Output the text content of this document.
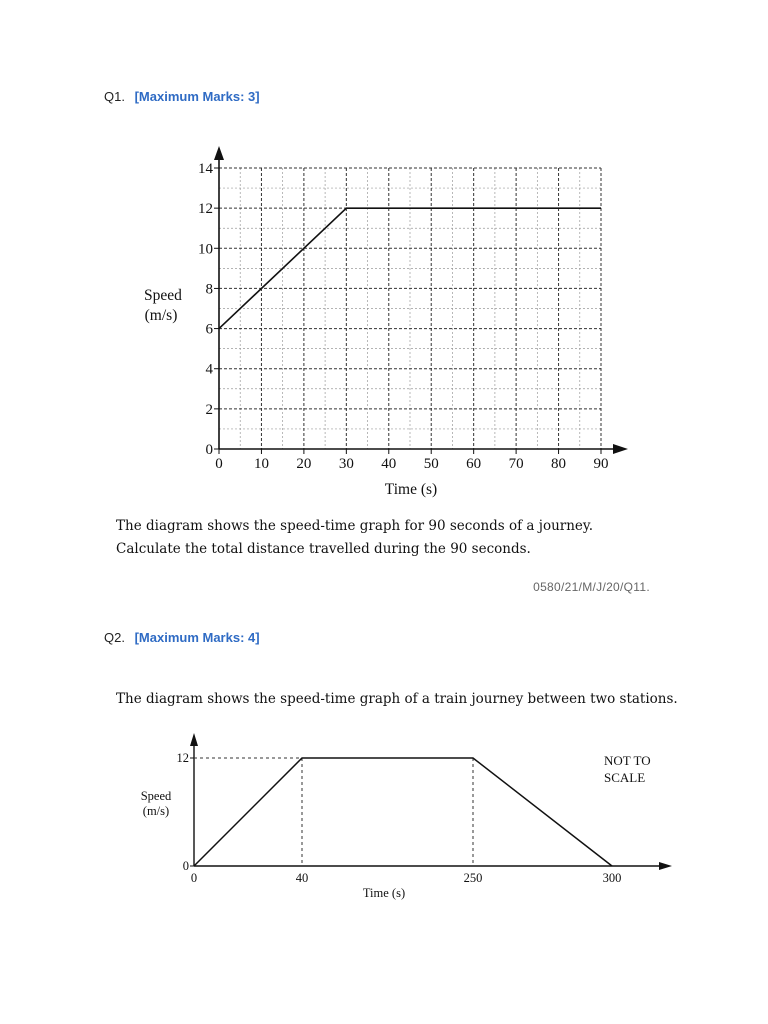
Q1. [Maximum Marks: 3]
0
2
4
6
8
10
12
14
0 10 20 30 40 50 60 70 80 90
Time (s)
Speed
(m/s)
The diagram shows the speed-time graph for 90 seconds of a journey.
Calculate the total distance travelled during the 90 seconds.
0580/21/M/J/20/Q11.
Q2. [Maximum Marks: 4]
The diagram shows the speed-time graph of a train journey between two stations.
0
12
0	40	250	300
Time (s)
Speed
(m/s)
NOT TO
SCALE
